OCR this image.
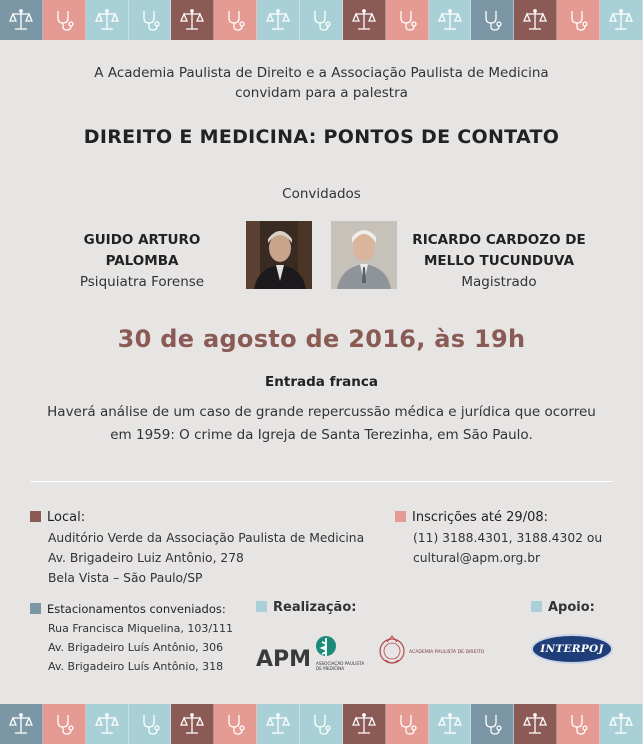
A Academia Paulista de Direito e a Associação Paulista de Medicina
convidam para a palestra
DIREITO E MEDICINA: PONTOS DE CONTATO
Convidados
GUIDO ARTURO
PALOMBA
Psiquiatra Forense
RICARDO CARDOZO DE
MELLO TUCUNDUVA
Magistrado
30 de agosto de 2016, às 19h
Entrada franca
Haverá análise de um caso de grande repercussão médica e jurídica que ocorreu
em 1959: O crime da Igreja de Santa Terezinha, em São Paulo.
Local:
Auditório Verde da Associação Paulista de Medicina
Av. Brigadeiro Luiz Antônio, 278
Bela Vista – São Paulo/SP
Inscrições até 29/08:
(11) 3188.4301, 3188.4302 ou
cultural@apm.org.br
Estacionamentos conveniados:
Rua Francisca Miquelina, 103/111
Av. Brigadeiro Luís Antônio, 306
Av. Brigadeiro Luís Antônio, 318
Realização:	Apoio:
APM ASSOCIAÇÃO PAULISTA
DE MEDICINA
ACADEMIA PAULISTA DE DIREITO	INTERPOJ
